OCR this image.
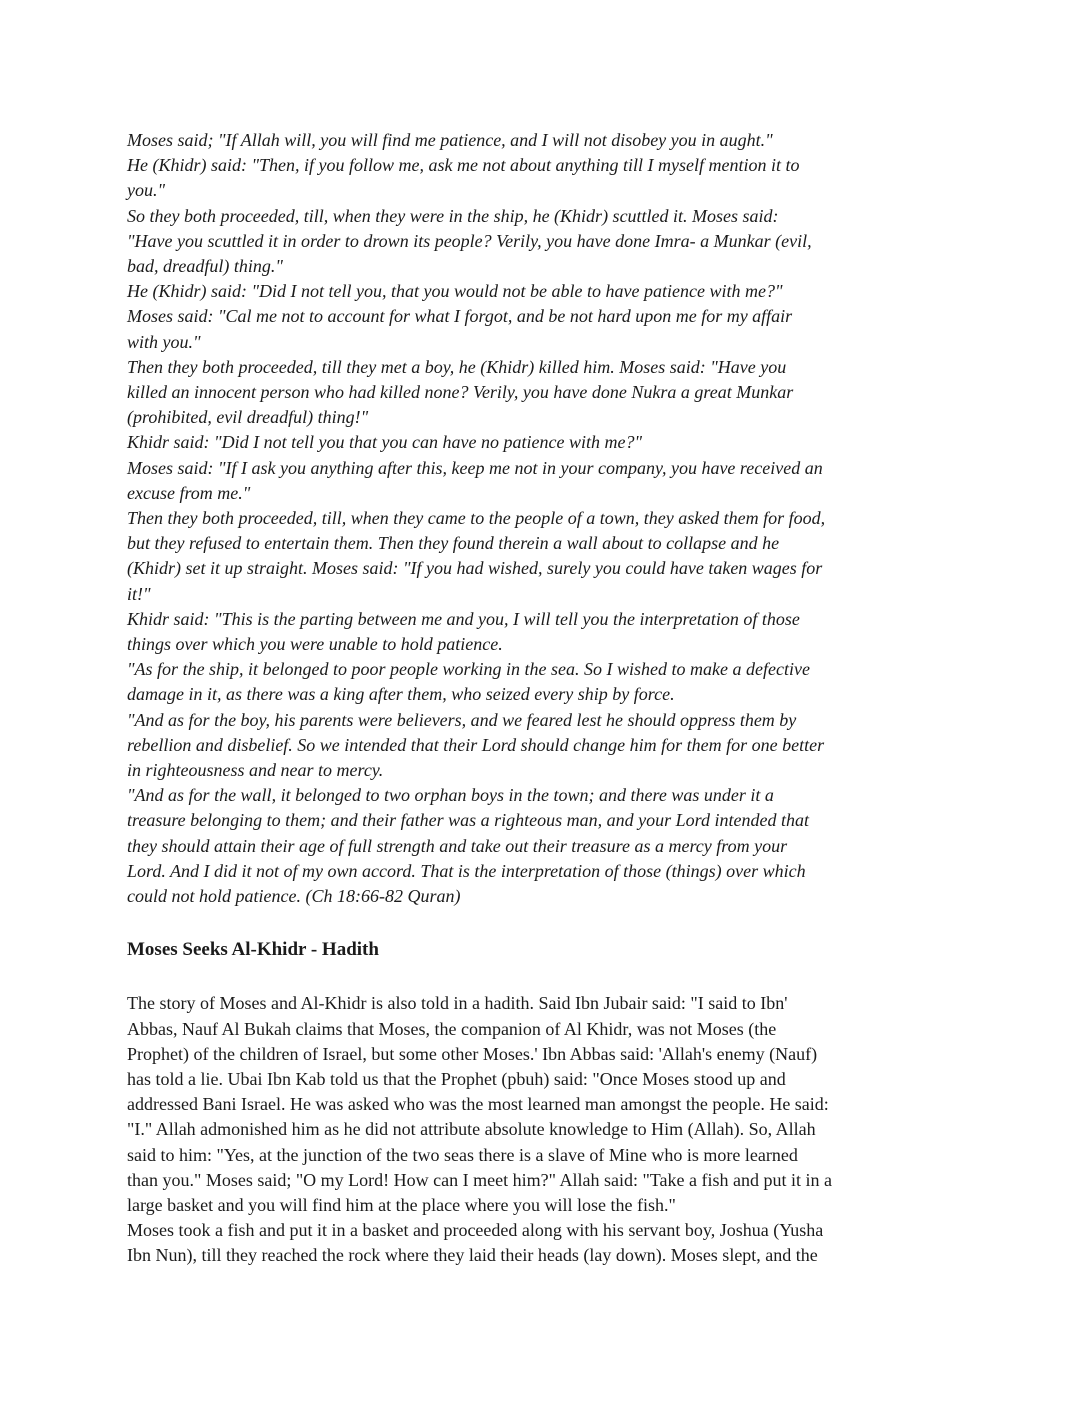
Moses said; "If Allah will, you will find me patience, and I will not disobey you in aught."
He (Khidr) said: "Then, if you follow me, ask me not about anything till I myself mention it to
you."
So they both proceeded, till, when they were in the ship, he (Khidr) scuttled it. Moses said:
"Have you scuttled it in order to drown its people? Verily, you have done Imra- a Munkar (evil,
bad, dreadful) thing."
He (Khidr) said: "Did I not tell you, that you would not be able to have patience with me?"
Moses said: "Cal me not to account for what I forgot, and be not hard upon me for my affair
with you."
Then they both proceeded, till they met a boy, he (Khidr) killed him. Moses said: "Have you
killed an innocent person who had killed none? Verily, you have done Nukra a great Munkar
(prohibited, evil dreadful) thing!"
Khidr said: "Did I not tell you that you can have no patience with me?"
Moses said: "If I ask you anything after this, keep me not in your company, you have received an
excuse from me."
Then they both proceeded, till, when they came to the people of a town, they asked them for food,
but they refused to entertain them. Then they found therein a wall about to collapse and he
(Khidr) set it up straight. Moses said: "If you had wished, surely you could have taken wages for
it!"
Khidr said: "This is the parting between me and you, I will tell you the interpretation of those
things over which you were unable to hold patience.
"As for the ship, it belonged to poor people working in the sea. So I wished to make a defective
damage in it, as there was a king after them, who seized every ship by force.
"And as for the boy, his parents were believers, and we feared lest he should oppress them by
rebellion and disbelief. So we intended that their Lord should change him for them for one better
in righteousness and near to mercy.
"And as for the wall, it belonged to two orphan boys in the town; and there was under it a
treasure belonging to them; and their father was a righteous man, and your Lord intended that
they should attain their age of full strength and take out their treasure as a mercy from your
Lord. And I did it not of my own accord. That is the interpretation of those (things) over which
could not hold patience. (Ch 18:66-82 Quran)
Moses Seeks Al-Khidr - Hadith
The story of Moses and Al-Khidr is also told in a hadith. Said Ibn Jubair said: "I said to Ibn'
Abbas, Nauf Al Bukah claims that Moses, the companion of Al Khidr, was not Moses (the
Prophet) of the children of Israel, but some other Moses.' Ibn Abbas said: 'Allah's enemy (Nauf)
has told a lie. Ubai Ibn Kab told us that the Prophet (pbuh) said: "Once Moses stood up and
addressed Bani Israel. He was asked who was the most learned man amongst the people. He said:
"I." Allah admonished him as he did not attribute absolute knowledge to Him (Allah). So, Allah
said to him: "Yes, at the junction of the two seas there is a slave of Mine who is more learned
than you." Moses said; "O my Lord! How can I meet him?" Allah said: "Take a fish and put it in a
large basket and you will find him at the place where you will lose the fish."
Moses took a fish and put it in a basket and proceeded along with his servant boy, Joshua (Yusha
Ibn Nun), till they reached the rock where they laid their heads (lay down). Moses slept, and the
